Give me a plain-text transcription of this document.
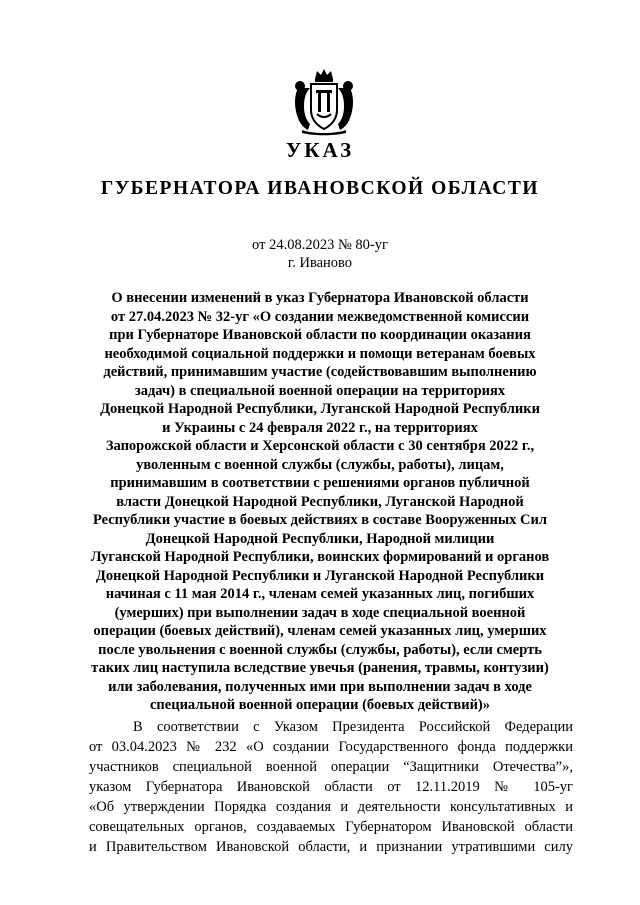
УКАЗ
ГУБЕРНАТОРА ИВАНОВСКОЙ ОБЛАСТИ
от 24.08.2023 № 80-уг
г. Иваново
О внесении изменений в указ Губернатора Ивановской области
от 27.04.2023 № 32-уг «О создании межведомственной комиссии
при Губернаторе Ивановской области по координации оказания
необходимой социальной поддержки и помощи ветеранам боевых
действий, принимавшим участие (содействовавшим выполнению
задач) в специальной военной операции на территориях
Донецкой Народной Республики, Луганской Народной Республики
и Украины с 24 февраля 2022 г., на территориях
Запорожской области и Херсонской области с 30 сентября 2022 г.,
уволенным с военной службы (службы, работы), лицам,
принимавшим в соответствии с решениями органов публичной
власти Донецкой Народной Республики, Луганской Народной
Республики участие в боевых действиях в составе Вооруженных Сил
Донецкой Народной Республики, Народной милиции
Луганской Народной Республики, воинских формирований и органов
Донецкой Народной Республики и Луганской Народной Республики
начиная с 11 мая 2014 г., членам семей указанных лиц, погибших
(умерших) при выполнении задач в ходе специальной военной
операции (боевых действий), членам семей указанных лиц, умерших
после увольнения с военной службы (службы, работы), если смерть
таких лиц наступила вследствие увечья (ранения, травмы, контузии)
или заболевания, полученных ими при выполнении задач в ходе
специальной военной операции (боевых действий)»
В соответствии с Указом Президента Российской Федерации
от 03.04.2023 № 232 «О создании Государственного фонда поддержки
участников специальной военной операции “Защитники Отечества”»,
указом Губернатора Ивановской области от 12.11.2019 № 105-уг
«Об утверждении Порядка создания и деятельности консультативных и
совещательных органов, создаваемых Губернатором Ивановской области
и Правительством Ивановской области, и признании утратившими силу
